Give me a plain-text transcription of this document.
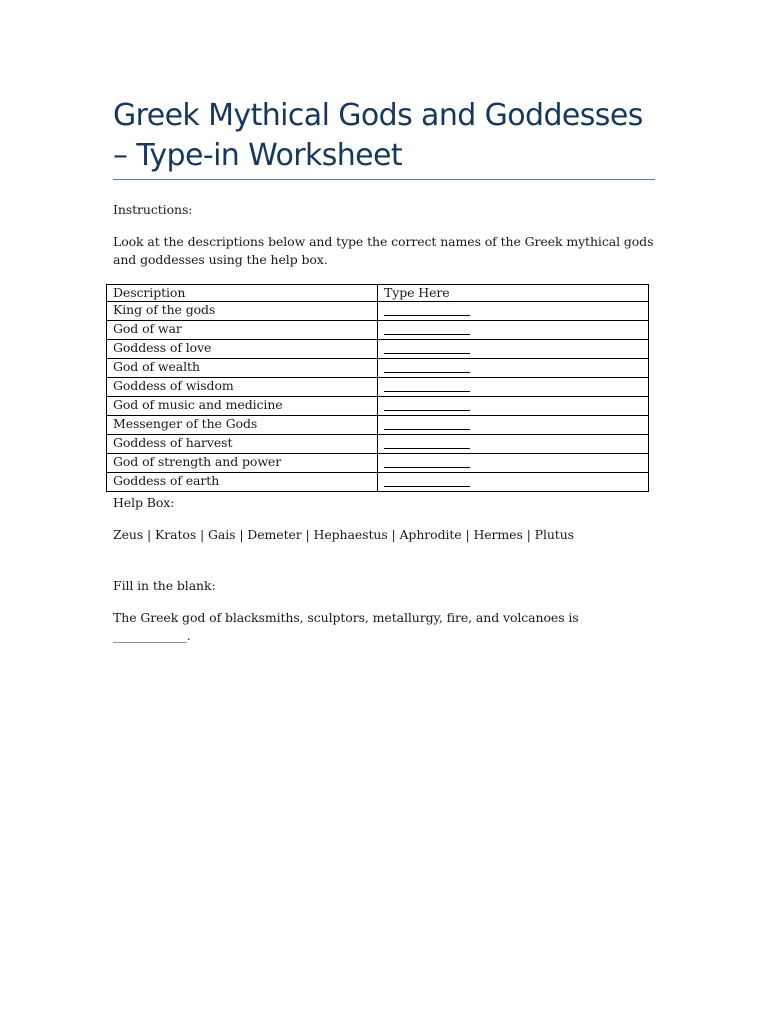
Greek Mythical Gods and Goddesses – Type-in Worksheet

Instructions:

Look at the descriptions below and type the correct names of the Greek mythical gods and goddesses using the help box.

Description	Type Here
King of the gods	
God of war	
Goddess of love	
God of wealth	
Goddess of wisdom	
God of music and medicine	
Messenger of the Gods	
Goddess of harvest	
God of strength and power	
Goddess of earth	

Help Box:

Zeus | Kratos | Gais | Demeter | Hephaestus | Aphrodite | Hermes | Plutus

Fill in the blank:

The Greek god of blacksmiths, sculptors, metallurgy, fire, and volcanoes is ____________.
